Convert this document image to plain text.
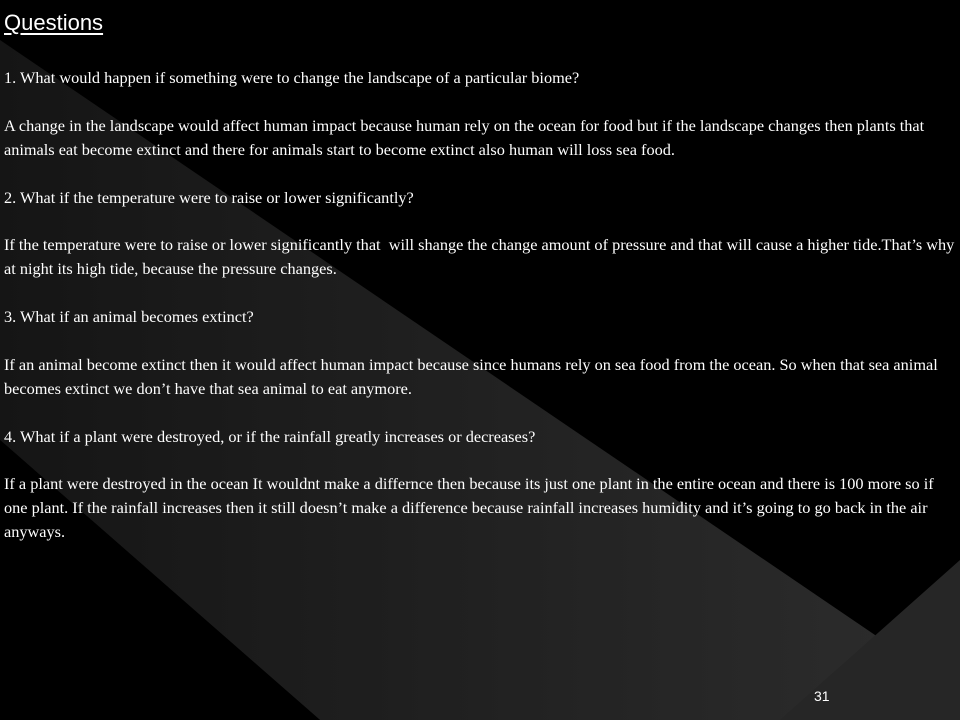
Questions

1. What would happen if something were to change the landscape of a particular biome?

A change in the landscape would affect human impact because human rely on the ocean for food but if the landscape changes then plants that animals eat become extinct and there for animals start to become extinct also human will loss sea food.

2. What if the temperature were to raise or lower significantly?

If the temperature were to raise or lower significantly that  will shange the change amount of pressure and that will cause a higher tide.That’s why at night its high tide, because the pressure changes.

3. What if an animal becomes extinct?

If an animal become extinct then it would affect human impact because since humans rely on sea food from the ocean. So when that sea animal becomes extinct we don’t have that sea animal to eat anymore.

4. What if a plant were destroyed, or if the rainfall greatly increases or decreases?

If a plant were destroyed in the ocean It wouldnt make a differnce then because its just one plant in the entire ocean and there is 100 more so if one plant. If the rainfall increases then it still doesn’t make a difference because rainfall increases humidity and it’s going to go back in the air anyways.

31
